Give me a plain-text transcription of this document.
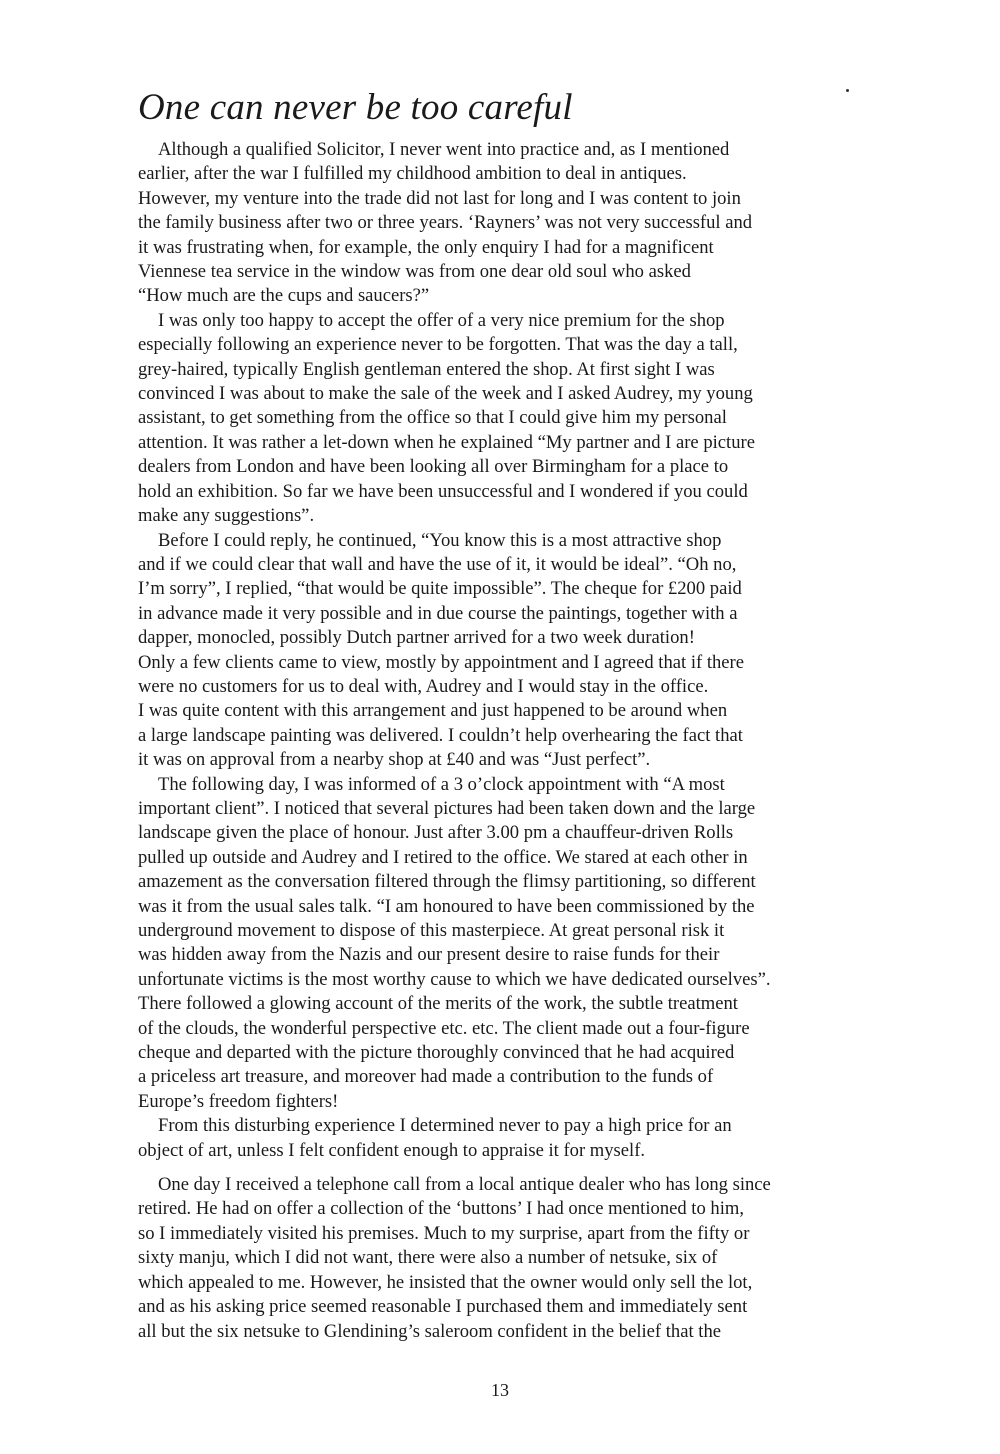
One can never be too careful
Although a qualified Solicitor, I never went into practice and, as I mentioned
earlier, after the war I fulfilled my childhood ambition to deal in antiques.
However, my venture into the trade did not last for long and I was content to join
the family business after two or three years. ‘Rayners’ was not very successful and
it was frustrating when, for example, the only enquiry I had for a magnificent
Viennese tea service in the window was from one dear old soul who asked
“How much are the cups and saucers?”
I was only too happy to accept the offer of a very nice premium for the shop
especially following an experience never to be forgotten. That was the day a tall,
grey-haired, typically English gentleman entered the shop. At first sight I was
convinced I was about to make the sale of the week and I asked Audrey, my young
assistant, to get something from the office so that I could give him my personal
attention. It was rather a let-down when he explained “My partner and I are picture
dealers from London and have been looking all over Birmingham for a place to
hold an exhibition. So far we have been unsuccessful and I wondered if you could
make any suggestions”.
Before I could reply, he continued, “You know this is a most attractive shop
and if we could clear that wall and have the use of it, it would be ideal”. “Oh no,
I’m sorry”, I replied, “that would be quite impossible”. The cheque for £200 paid
in advance made it very possible and in due course the paintings, together with a
dapper, monocled, possibly Dutch partner arrived for a two week duration!
Only a few clients came to view, mostly by appointment and I agreed that if there
were no customers for us to deal with, Audrey and I would stay in the office.
I was quite content with this arrangement and just happened to be around when
a large landscape painting was delivered. I couldn’t help overhearing the fact that
it was on approval from a nearby shop at £40 and was “Just perfect”.
The following day, I was informed of a 3 o’clock appointment with “A most
important client”. I noticed that several pictures had been taken down and the large
landscape given the place of honour. Just after 3.00 pm a chauffeur-driven Rolls
pulled up outside and Audrey and I retired to the office. We stared at each other in
amazement as the conversation filtered through the flimsy partitioning, so different
was it from the usual sales talk. “I am honoured to have been commissioned by the
underground movement to dispose of this masterpiece. At great personal risk it
was hidden away from the Nazis and our present desire to raise funds for their
unfortunate victims is the most worthy cause to which we have dedicated ourselves”.
There followed a glowing account of the merits of the work, the subtle treatment
of the clouds, the wonderful perspective etc. etc. The client made out a four-figure
cheque and departed with the picture thoroughly convinced that he had acquired
a priceless art treasure, and moreover had made a contribution to the funds of
Europe’s freedom fighters!
From this disturbing experience I determined never to pay a high price for an
object of art, unless I felt confident enough to appraise it for myself.
One day I received a telephone call from a local antique dealer who has long since
retired. He had on offer a collection of the ‘buttons’ I had once mentioned to him,
so I immediately visited his premises. Much to my surprise, apart from the fifty or
sixty manju, which I did not want, there were also a number of netsuke, six of
which appealed to me. However, he insisted that the owner would only sell the lot,
and as his asking price seemed reasonable I purchased them and immediately sent
all but the six netsuke to Glendining’s saleroom confident in the belief that the
13
